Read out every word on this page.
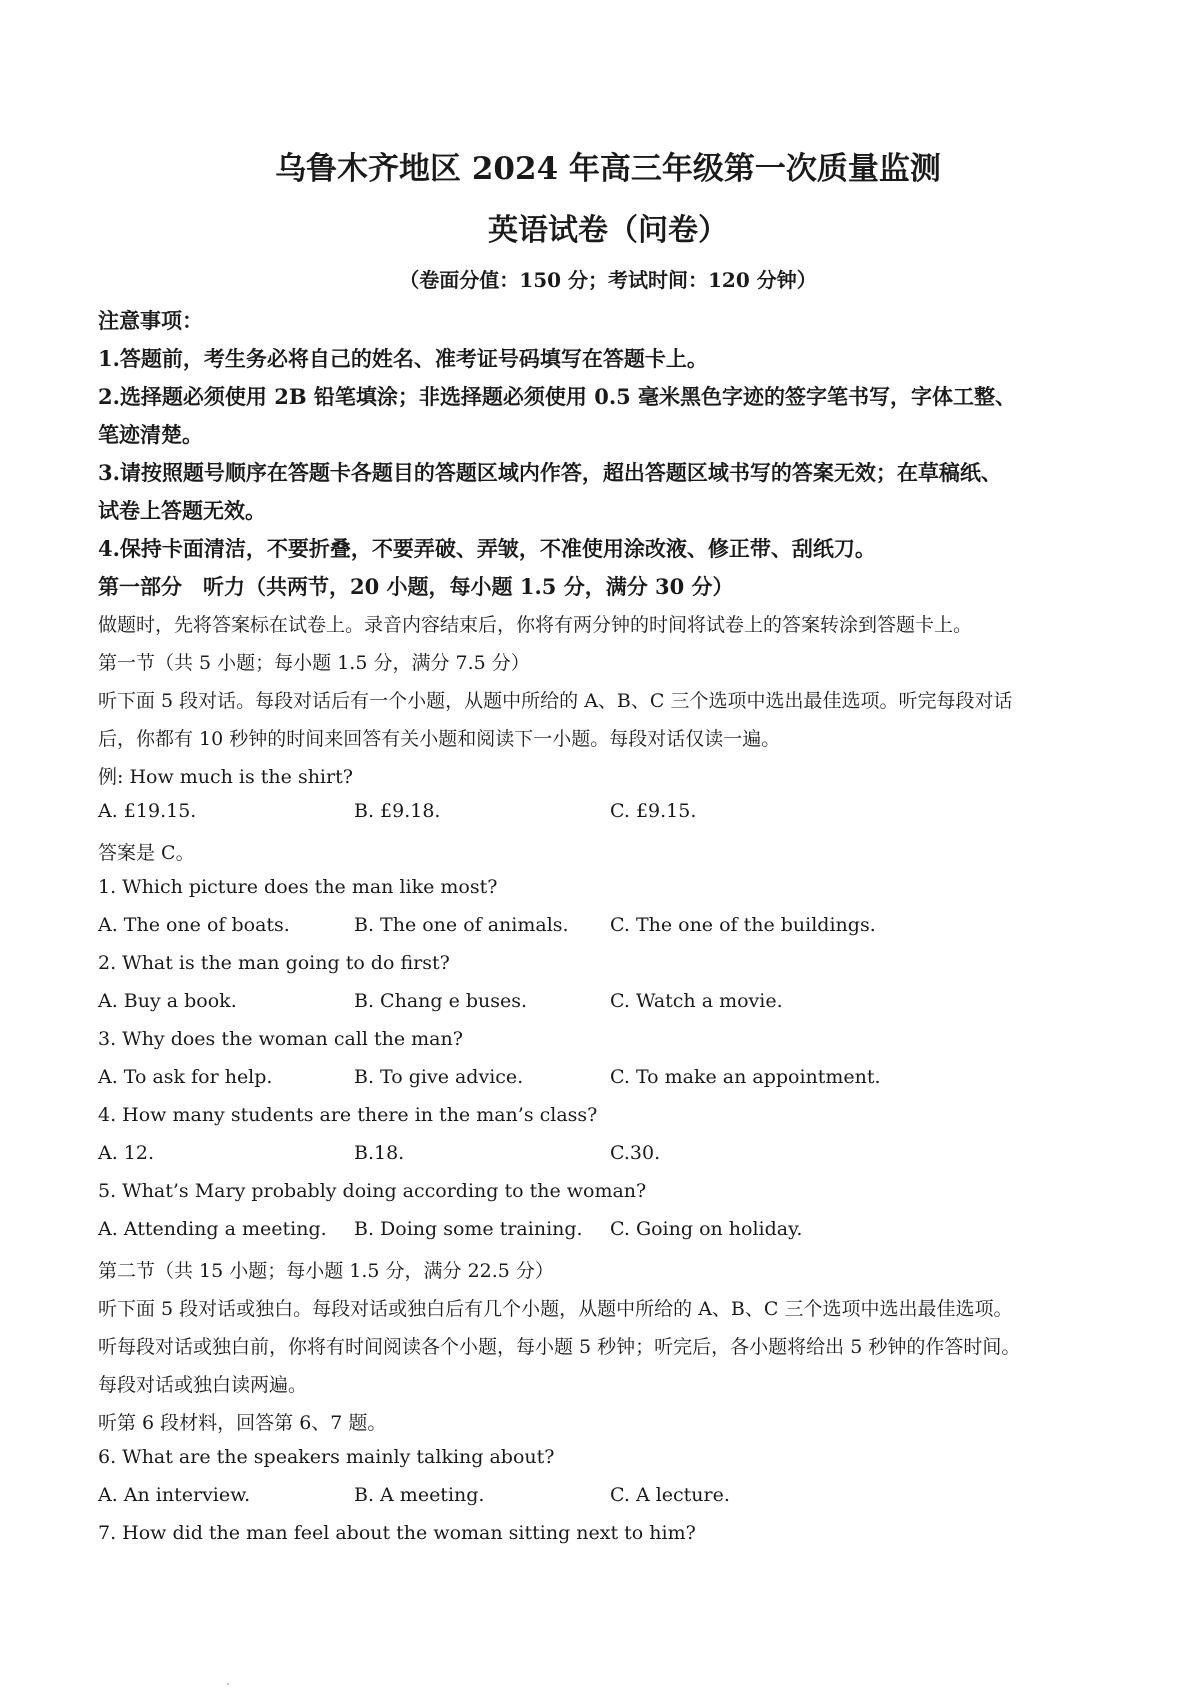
乌鲁木齐地区 2024 年高三年级第一次质量监测
英语试卷（问卷）
（卷面分值：150 分；考试时间：120 分钟）
注意事项：
1.答题前，考生务必将自己的姓名、准考证号码填写在答题卡上。
2.选择题必须使用 2B 铅笔填涂；非选择题必须使用 0.5 毫米黑色字迹的签字笔书写，字体工整、
笔迹清楚。
3.请按照题号顺序在答题卡各题目的答题区域内作答，超出答题区域书写的答案无效；在草稿纸、
试卷上答题无效。
4.保持卡面清洁，不要折叠，不要弄破、弄皱，不准使用涂改液、修正带、刮纸刀。
第一部分　听力（共两节，20 小题，每小题 1.5 分，满分 30 分）
做题时，先将答案标在试卷上。录音内容结束后，你将有两分钟的时间将试卷上的答案转涂到答题卡上。
第一节（共 5 小题；每小题 1.5 分，满分 7.5 分）
听下面 5 段对话。每段对话后有一个小题，从题中所给的 A、B、C 三个选项中选出最佳选项。听完每段对话
后，你都有 10 秒钟的时间来回答有关小题和阅读下一小题。每段对话仅读一遍。
例: How much is the shirt?
A. £19.15.	B. £9.18.	C. £9.15.
答案是 C。
1. Which picture does the man like most?
A. The one of boats.	B. The one of animals. C. The one of the buildings.
2. What is the man going to do first?
A. Buy a book.	B. Chang e buses.	C. Watch a movie.
3. Why does the woman call the man?
A. To ask for help.	B. To give advice.	C. To make an appointment.
4. How many students are there in the man’s class?
A. 12.	B.18.	C.30.
5. What’s Mary probably doing according to the woman?
A. Attending a meeting. B. Doing some training. C. Going on holiday.
第二节（共 15 小题；每小题 1.5 分，满分 22.5 分）
听下面 5 段对话或独白。每段对话或独白后有几个小题，从题中所给的 A、B、C 三个选项中选出最佳选项。
听每段对话或独白前，你将有时间阅读各个小题，每小题 5 秒钟；听完后，各小题将给出 5 秒钟的作答时间。
每段对话或独白读两遍。
听第 6 段材料，回答第 6、7 题。
6. What are the speakers mainly talking about?
A. An interview.	B. A meeting.	C. A lecture.
7. How did the man feel about the woman sitting next to him?
